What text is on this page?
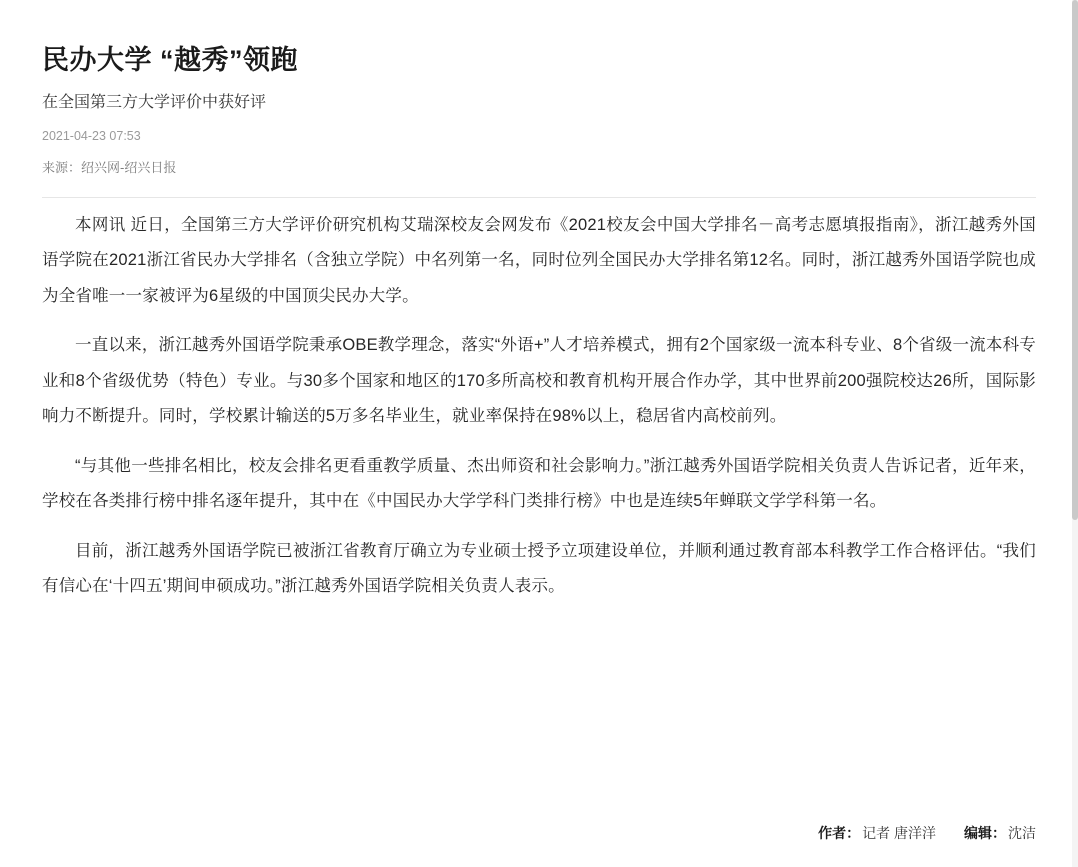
民办大学 “越秀”领跑
在全国第三方大学评价中获好评
2021-04-23 07:53
来源：绍兴网-绍兴日报

本网讯 近日，全国第三方大学评价研究机构艾瑞深校友会网发布《2021校友会中国大学排名－高考志愿填报指南》，浙江越秀外国语学院在2021浙江省民办大学排名（含独立学院）中名列第一名，同时位列全国民办大学排名第12名。同时，浙江越秀外国语学院也成为全省唯一一家被评为6星级的中国顶尖民办大学。

一直以来，浙江越秀外国语学院秉承OBE教学理念，落实“外语+”人才培养模式，拥有2个国家级一流本科专业、8个省级一流本科专业和8个省级优势（特色）专业。与30多个国家和地区的170多所高校和教育机构开展合作办学，其中世界前200强院校达26所，国际影响力不断提升。同时，学校累计输送的5万多名毕业生，就业率保持在98%以上，稳居省内高校前列。

“与其他一些排名相比，校友会排名更看重教学质量、杰出师资和社会影响力。”浙江越秀外国语学院相关负责人告诉记者，近年来，学校在各类排行榜中排名逐年提升，其中在《中国民办大学学科门类排行榜》中也是连续5年蝉联文学学科第一名。

目前，浙江越秀外国语学院已被浙江省教育厅确立为专业硕士授予立项建设单位，并顺利通过教育部本科教学工作合格评估。“我们有信心在‘十四五’期间申硕成功。”浙江越秀外国语学院相关负责人表示。

作者： 记者 唐洋洋 编辑： 沈洁
